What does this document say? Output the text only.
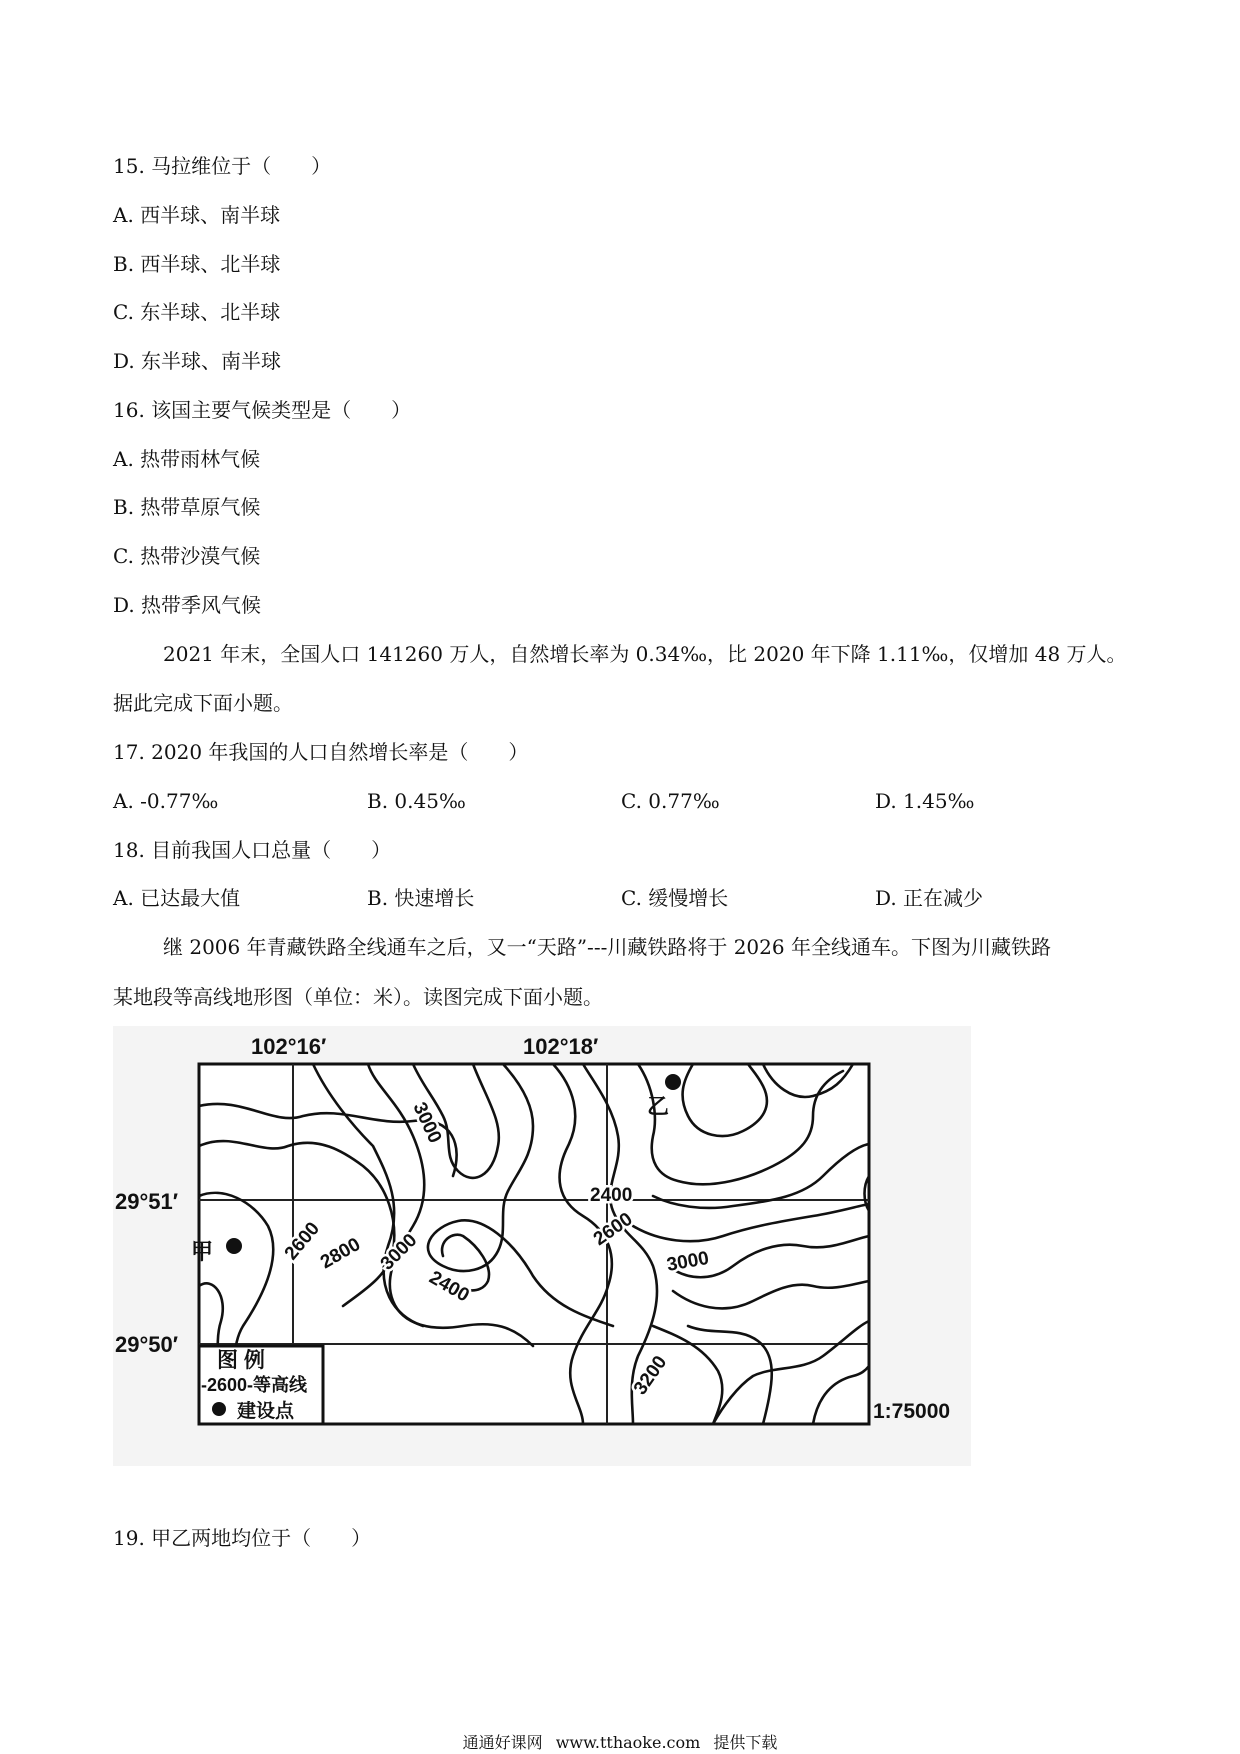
15. 马拉维位于（　　）
A. 西半球、南半球
B. 西半球、北半球
C. 东半球、北半球
D. 东半球、南半球
16. 该国主要气候类型是（　　）
A. 热带雨林气候
B. 热带草原气候
C. 热带沙漠气候
D. 热带季风气候
2021 年末，全国人口 141260 万人，自然增长率为 0.34‰，比 2020 年下降 1.11‰，仅增加 48 万人。
据此完成下面小题。
17. 2020 年我国的人口自然增长率是（　　）
A. -0.77‰	B. 0.45‰	C. 0.77‰	D. 1.45‰
18. 目前我国人口总量（　　）
A. 已达最大值	B. 快速增长	C. 缓慢增长	D. 正在减少
继 2006 年青藏铁路全线通车之后，又一“天路”---川藏铁路将于 2026 年全线通车。下图为川藏铁路
某地段等高线地形图（单位：米）。读图完成下面小题。
3000
2400
2600
2800 3000
2400
2600
3000
3200
甲
乙
102°16′	102°18′
29°51′
29°50′
图 例
-2600-等高线
建设点	1:75000
19. 甲乙两地均位于（　　）
通通好课网 www.tthaoke.com 提供下载
